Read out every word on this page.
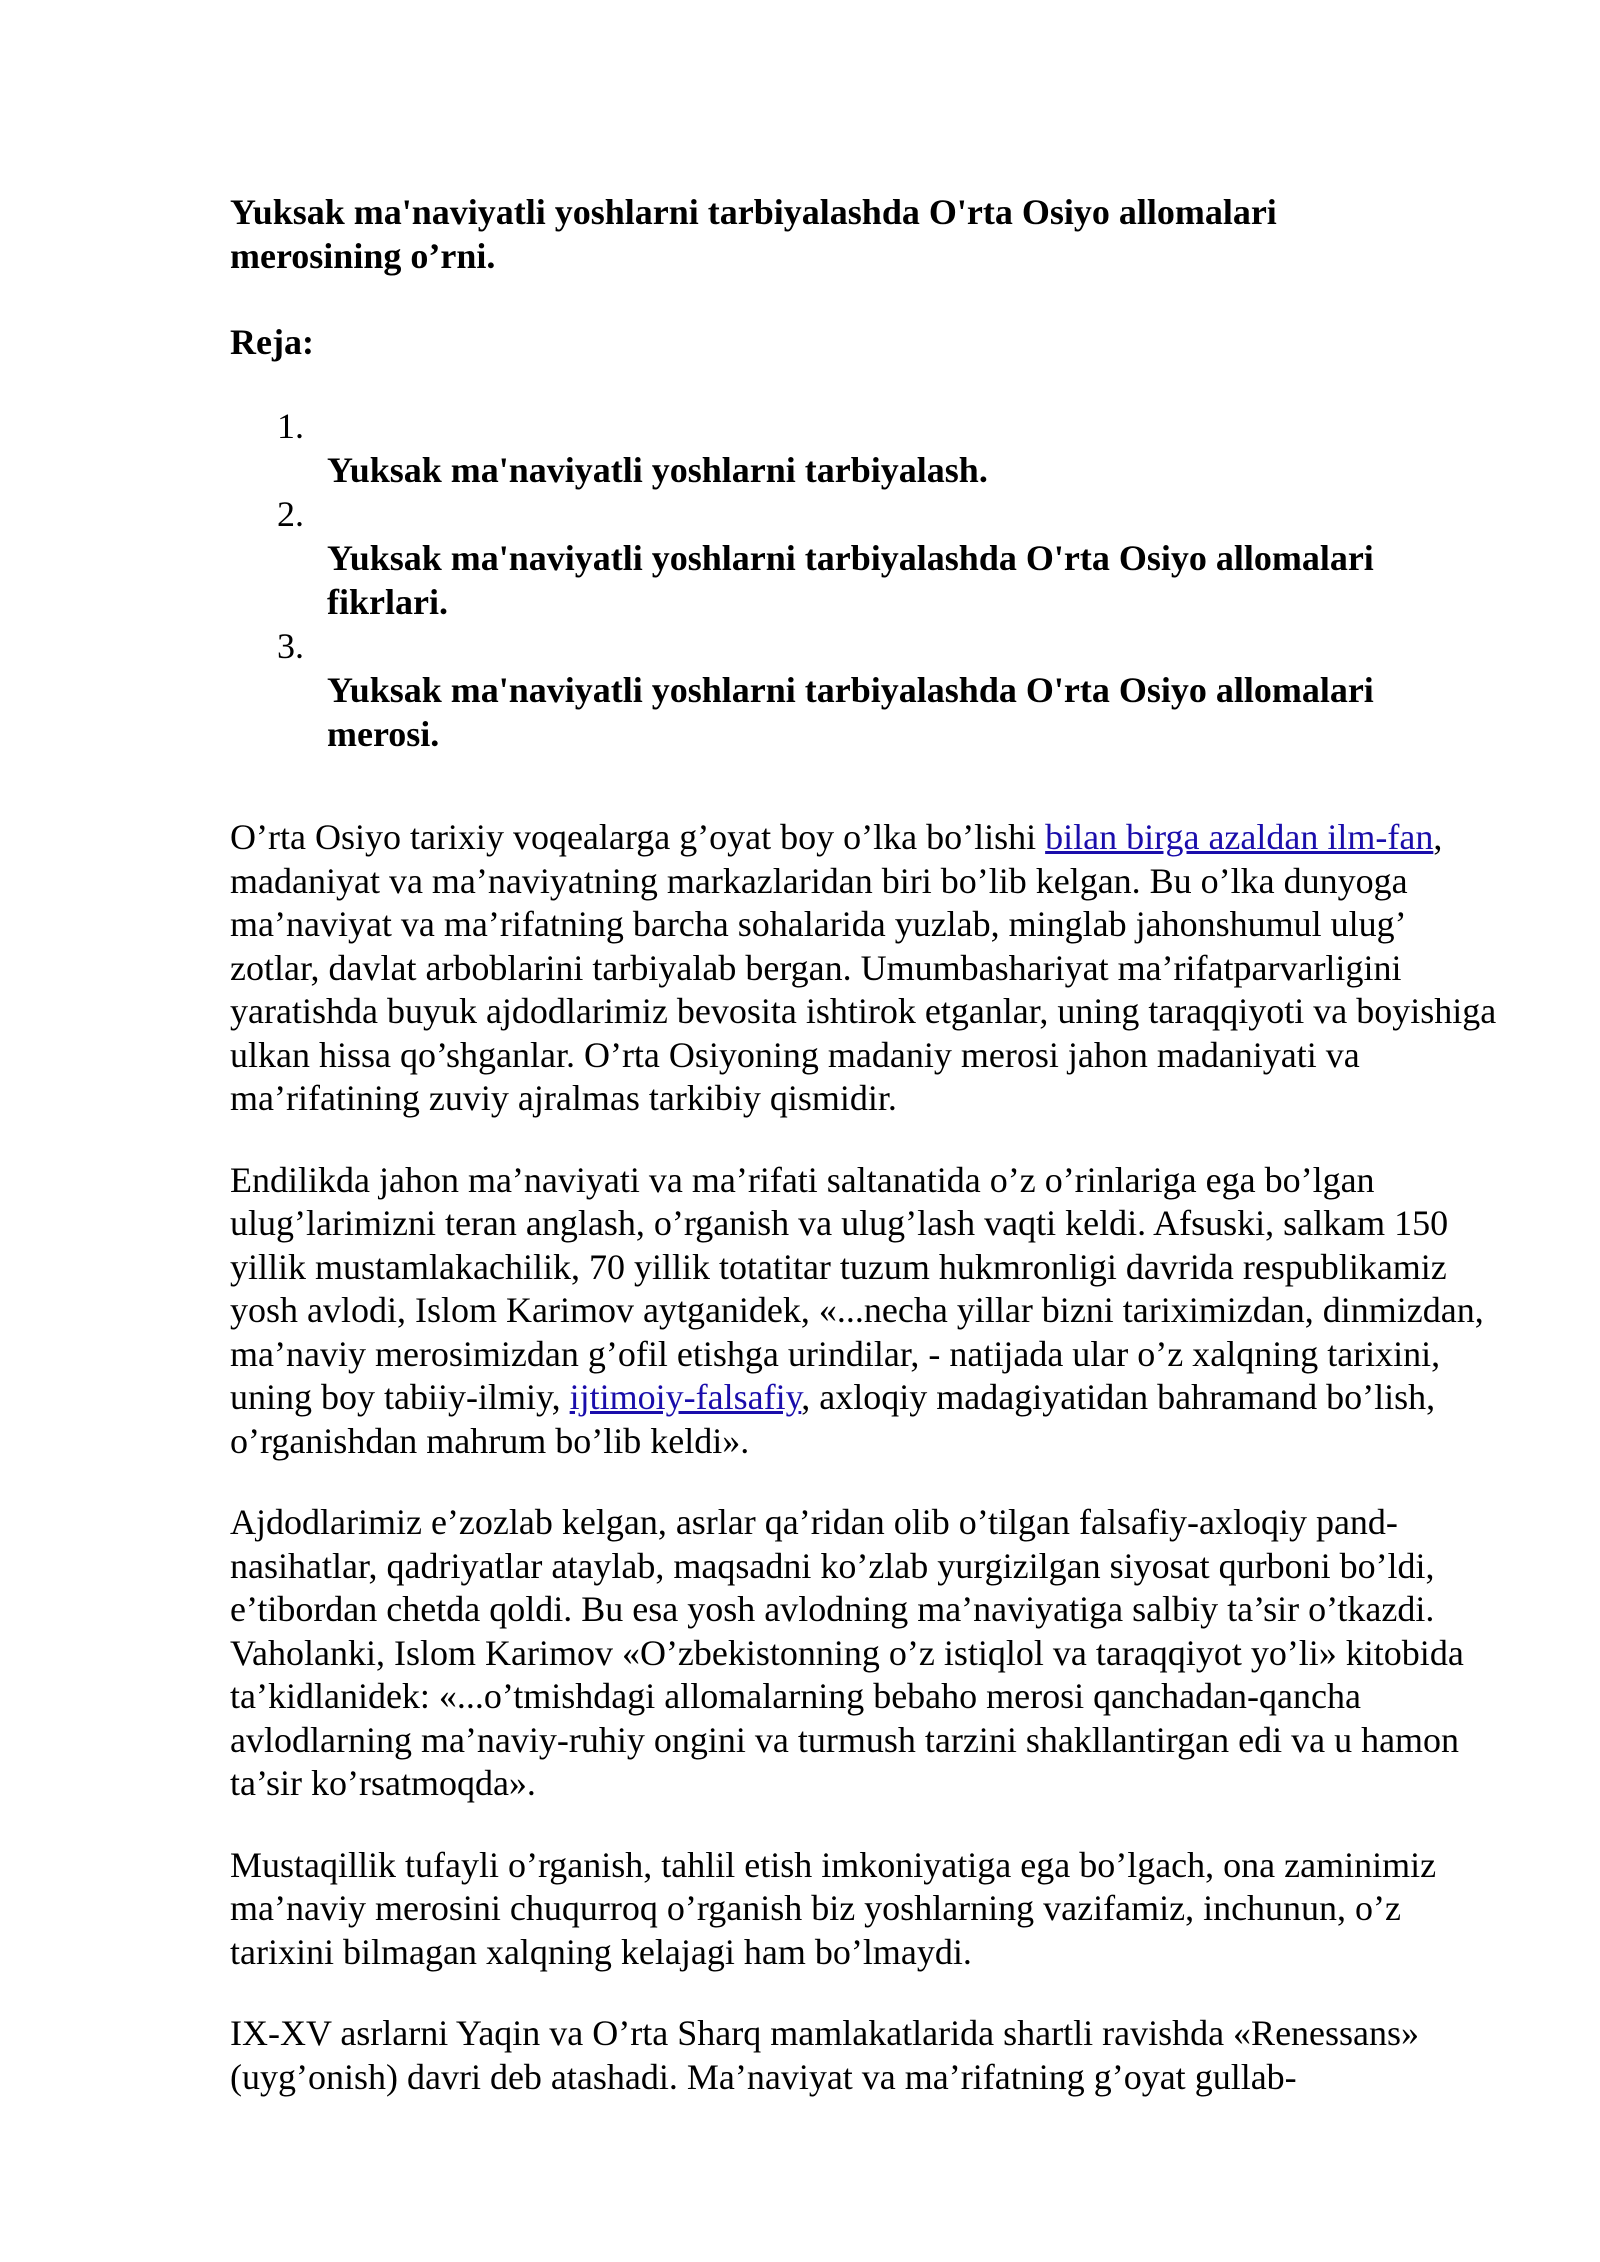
Yuksak ma'naviyatli yoshlarni tarbiyalashda O'rta Osiyo allomalari merosining o’rni.

Reja:

1.
Yuksak ma'naviyatli yoshlarni tarbiyalash.
2.
Yuksak ma'naviyatli yoshlarni tarbiyalashda O'rta Osiyo allomalari fikrlari.
3.
Yuksak ma'naviyatli yoshlarni tarbiyalashda O'rta Osiyo allomalari merosi.

O’rta Osiyo tarixiy voqealarga g’oyat boy o’lka bo’lishi bilan birga azaldan ilm-fan, madaniyat va ma’naviyatning markazlaridan biri bo’lib kelgan. Bu o’lka dunyoga ma’naviyat va ma’rifatning barcha sohalarida yuzlab, minglab jahonshumul ulug’ zotlar, davlat arboblarini tarbiyalab bergan. Umumbashariyat ma’rifatparvarligini yaratishda buyuk ajdodlarimiz bevosita ishtirok etganlar, uning taraqqiyoti va boyishiga ulkan hissa qo’shganlar. O’rta Osiyoning madaniy merosi jahon madaniyati va ma’rifatining zuviy ajralmas tarkibiy qismidir.

Endilikda jahon ma’naviyati va ma’rifati saltanatida o’z o’rinlariga ega bo’lgan ulug’larimizni teran anglash, o’rganish va ulug’lash vaqti keldi. Afsuski, salkam 150 yillik mustamlakachilik, 70 yillik totatitar tuzum hukmronligi davrida respublikamiz yosh avlodi, Islom Karimov aytganidek, «...necha yillar bizni tariximizdan, dinmizdan, ma’naviy merosimizdan g’ofil etishga urindilar, - natijada ular o’z xalqning tarixini, uning boy tabiiy-ilmiy, ijtimoiy-falsafiy, axloqiy madagiyatidan bahramand bo’lish, o’rganishdan mahrum bo’lib keldi».

Ajdodlarimiz e’zozlab kelgan, asrlar qa’ridan olib o’tilgan falsafiy-axloqiy pand-nasihatlar, qadriyatlar ataylab, maqsadni ko’zlab yurgizilgan siyosat qurboni bo’ldi, e’tibordan chetda qoldi. Bu esa yosh avlodning ma’naviyatiga salbiy ta’sir o’tkazdi. Vaholanki, Islom Karimov «O’zbekistonning o’z istiqlol va taraqqiyot yo’li» kitobida ta’kidlanidek: «...o’tmishdagi allomalarning bebaho merosi qanchadan-qancha avlodlarning ma’naviy-ruhiy ongini va turmush tarzini shakllantirgan edi va u hamon ta’sir ko’rsatmoqda».

Mustaqillik tufayli o’rganish, tahlil etish imkoniyatiga ega bo’lgach, ona zaminimiz ma’naviy merosini chuqurroq o’rganish biz yoshlarning vazifamiz, inchunun, o’z tarixini bilmagan xalqning kelajagi ham bo’lmaydi.

IX-XV asrlarni Yaqin va O’rta Sharq mamlakatlarida shartli ravishda «Renessans» (uyg’onish) davri deb atashadi. Ma’naviyat va ma’rifatning g’oyat gullab-
